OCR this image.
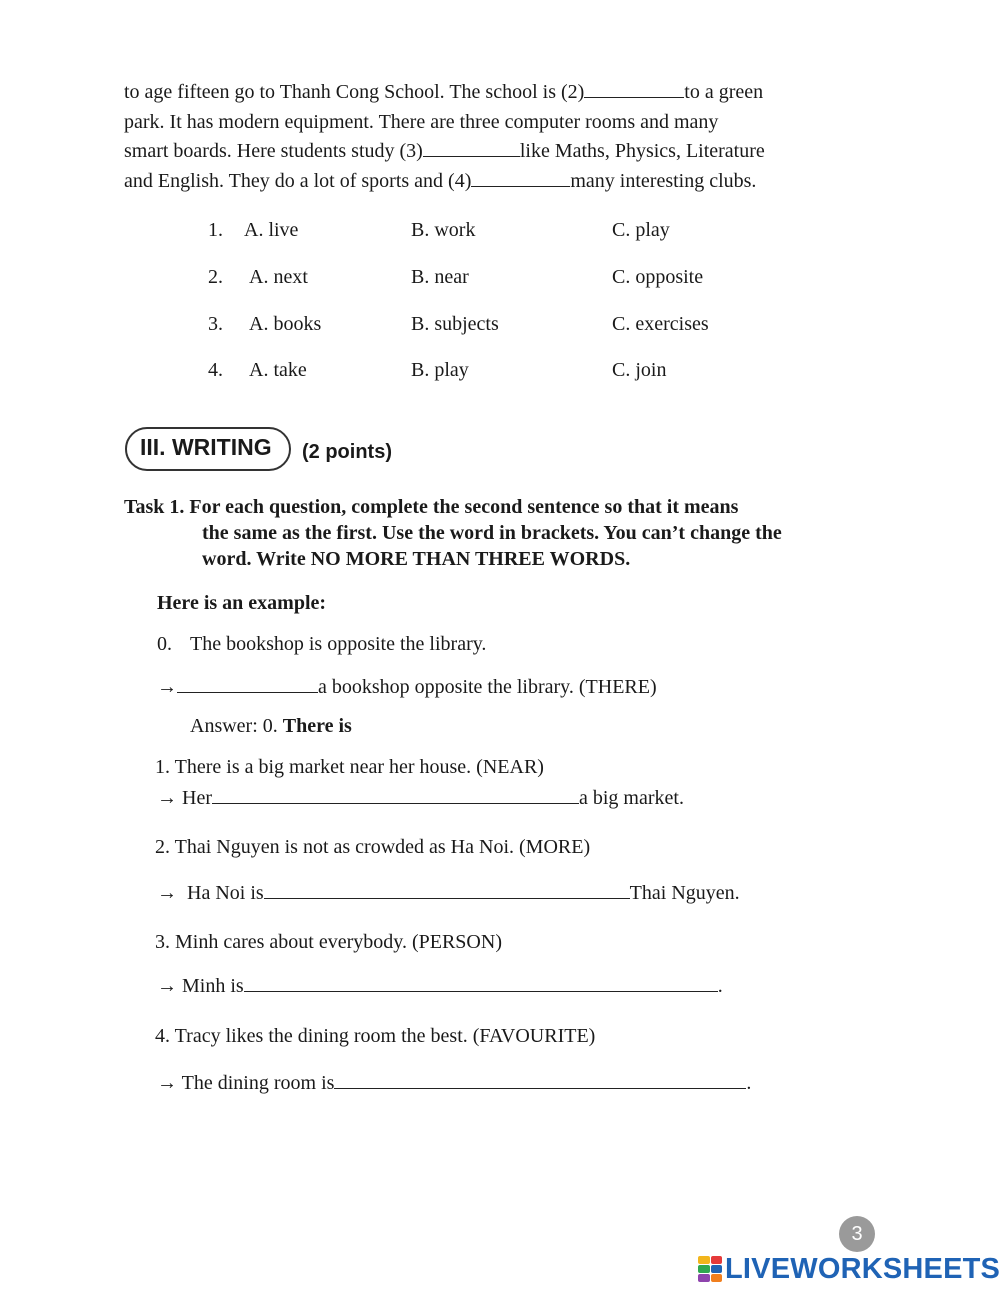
to age fifteen go to Thanh Cong School. The school is (2)	to a green
park. It has modern equipment. There are three computer rooms and many
smart boards. Here students study (3)	like Maths, Physics, Literature
and English. They do a lot of sports and (4)	many interesting clubs.
1. A. live	B. work	C. play
2. A. next	B. near	C. opposite
3. A. books	B. subjects	C. exercises
4. A. take	B. play	C. join
III. WRITING (2 points)
Task 1. For each question, complete the second sentence so that it means
the same as the first. Use the word in brackets. You can’t change the
word. Write NO MORE THAN THREE WORDS.
Here is an example:
0. The bookshop is opposite the library.
→	a bookshop opposite the library. (THERE)
Answer: 0. There is
1. There is a big market near her house. (NEAR)
→ Her	a big market.
2. Thai Nguyen is not as crowded as Ha Noi. (MORE)
→ Ha Noi is	Thai Nguyen.
3. Minh cares about everybody. (PERSON)
→ Minh is	.
4. Tracy likes the dining room the best. (FAVOURITE)
→ The dining room is	.
3
LIVEWORKSHEETS
